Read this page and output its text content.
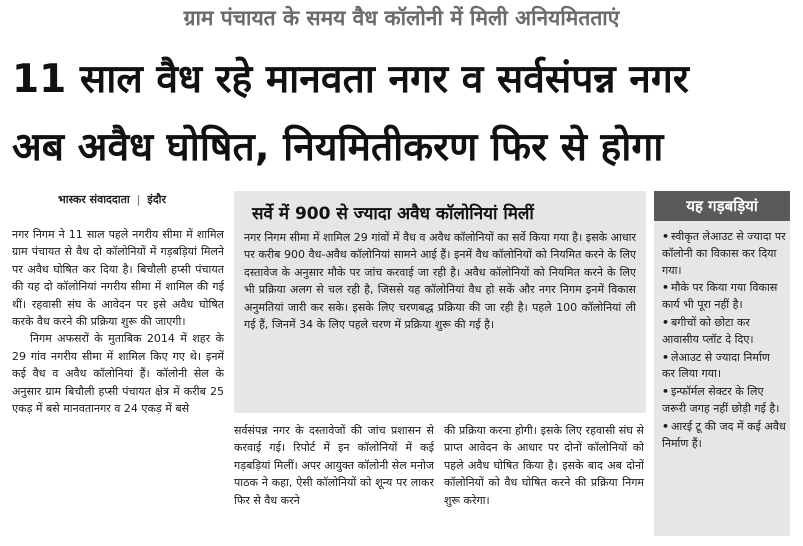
ग्राम पंचायत के समय वैध कॉलोनी में मिली अनियमितताएं
11 साल वैध रहे मानवता नगर व सर्वसंपन्न नगर
अब अवैध घोषित, नियमितीकरण फिर से होगा
भास्कर संवाददाता | इंदौर

नगर निगम ने 11 साल पहले नगरीय सीमा में शामिल ग्राम पंचायत से वैध दो कॉलोनियों में गड़बड़ियां मिलने पर अवैध घोषित कर दिया है। बिचौली हप्सी पंचायत की यह दो कॉलोनियां नगरीय सीमा में शामिल की गई थीं। रहवासी संघ के आवेदन पर इसे अवैध घोषित करके वैध करने की प्रक्रिया शुरू की जाएगी।

निगम अफसरों के मुताबिक 2014 में शहर के 29 गांव नगरीय सीमा में शामिल किए गए थे। इनमें कई वैध व अवैध कॉलोनियां हैं। कॉलोनी सेल के अनुसार ग्राम बिचौली हप्सी पंचायत क्षेत्र में करीब 25 एकड़ में बसे मानवतानगर व 24 एकड़ में बसे

सर्वे में 900 से ज्यादा अवैध कॉलोनियां मिलीं

नगर निगम सीमा में शामिल 29 गांवों में वैध व अवैध कॉलोनियों का सर्वे किया गया है। इसके आधार पर करीब 900 वैध-अवैध कॉलोनियां सामने आई हैं। इनमें वैध कॉलोनियों को नियमित करने के लिए दस्तावेज के अनुसार मौके पर जांच करवाई जा रही है। अवैध कॉलोनियों को नियमित करने के लिए भी प्रक्रिया अलग से चल रही है, जिससे यह कॉलोनियां वैध हो सकें और नगर निगम इनमें विकास अनुमतियां जारी कर सके। इसके लिए चरणबद्ध प्रक्रिया की जा रही है। पहले 100 कॉलोनियां ली गई हैं, जिनमें 34 के लिए पहले चरण में प्रक्रिया शुरू की गई है।

सर्वसंपन्न नगर के दस्तावेजों की जांच प्रशासन से करवाई गई। रिपोर्ट में इन कॉलोनियों में कई गड़बड़ियां मिलीं। अपर आयुक्त कॉलोनी सेल मनोज पाठक ने कहा, ऐसी कॉलोनियों को शून्य पर लाकर फिर से वैध करने

की प्रक्रिया करना होगी। इसके लिए रहवासी संघ से प्राप्त आवेदन के आधार पर दोनों कॉलोनियों को पहले अवैध घोषित किया है। इसके बाद अब दोनों कॉलोनियों को वैध घोषित करने की प्रक्रिया निगम शुरू करेगा।

यह गड़बड़ियां
• स्वीकृत लेआउट से ज्यादा पर कॉलोनी का विकास कर दिया गया।
• मौके पर किया गया विकास कार्य भी पूरा नहीं है।
• बगीचों को छोटा कर आवासीय प्लॉट दे दिए।
• लेआउट से ज्यादा निर्माण कर लिया गया।
• इन्फॉर्मल सेक्टर के लिए जरूरी जगह नहीं छोड़ी गई है।
• आरई टू की जद में कई अवैध निर्माण हैं।
